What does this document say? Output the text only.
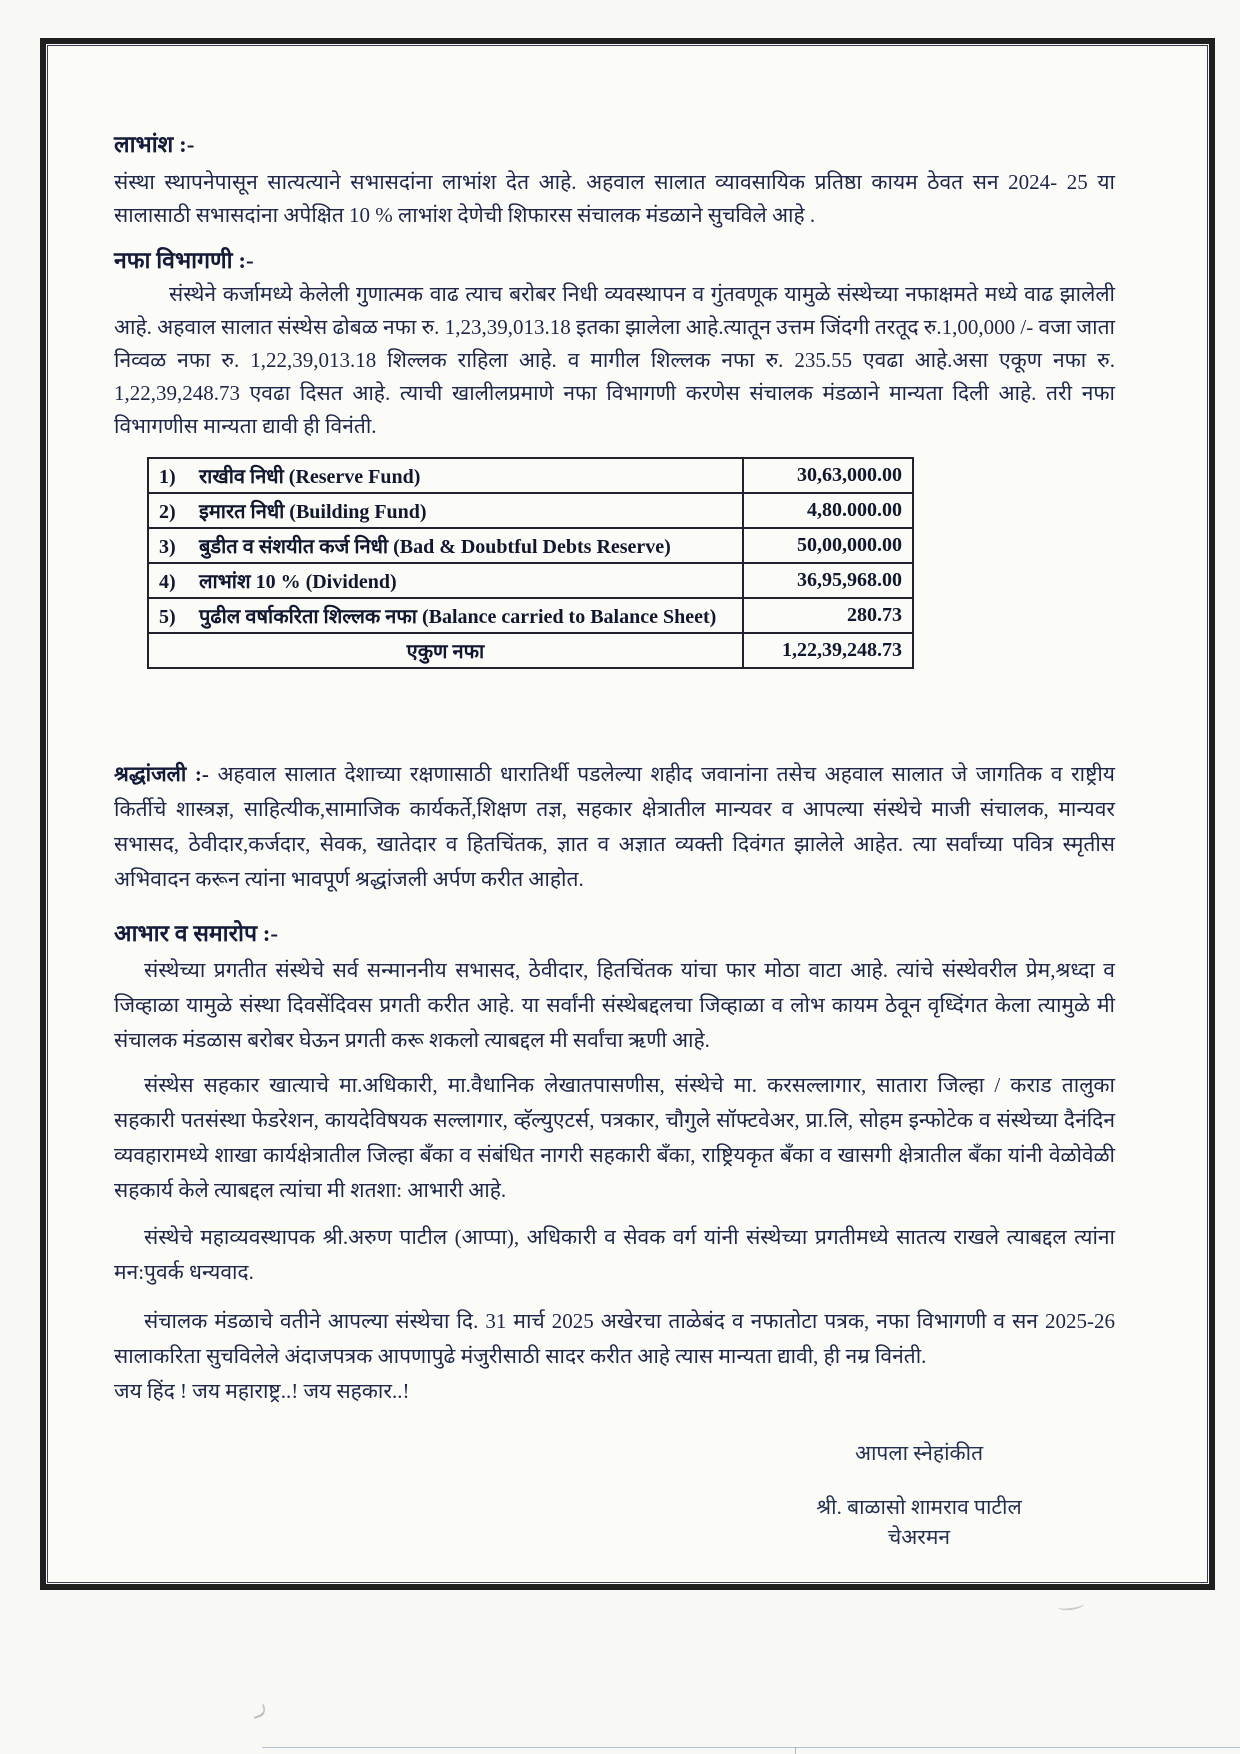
लाभांश :-

संस्था स्थापनेपासून सात्यत्याने सभासदांना लाभांश देत आहे. अहवाल सालात व्यावसायिक प्रतिष्ठा कायम ठेवत सन 2024- 25 या सालासाठी सभासदांना अपेक्षित 10 % लाभांश देणेची शिफारस संचालक मंडळाने सुचविले आहे .

नफा विभागणी :-

संस्थेने कर्जामध्ये केलेली गुणात्मक वाढ त्याच बरोबर निधी व्यवस्थापन व गुंतवणूक यामुळे संस्थेच्या नफाक्षमते मध्ये वाढ झालेली आहे. अहवाल सालात संस्थेस ढोबळ नफा रु. 1,23,39,013.18 इतका झालेला आहे.त्यातून उत्तम जिंदगी तरतूद रु.1,00,000 /- वजा जाता निव्वळ नफा रु. 1,22,39,013.18 शिल्लक राहिला आहे. व मागील शिल्लक नफा रु. 235.55 एवढा आहे.असा एकूण नफा रु. 1,22,39,248.73 एवढा दिसत आहे. त्याची खालीलप्रमाणे नफा विभागणी करणेस संचालक मंडळाने मान्यता दिली आहे. तरी नफा विभागणीस मान्यता द्यावी ही विनंती.

1) राखीव निधी (Reserve Fund)	30,63,000.00
2) इमारत निधी (Building Fund)	4,80.000.00
3) बुडीत व संशयीत कर्ज निधी (Bad & Doubtful Debts Reserve)	50,00,000.00
4) लाभांश 10 % (Dividend)	36,95,968.00
5) पुढील वर्षाकरिता शिल्लक नफा (Balance carried to Balance Sheet)	280.73
एकुण नफा	1,22,39,248.73

श्रद्धांजली :- अहवाल सालात देशाच्या रक्षणासाठी धारातिर्थी पडलेल्या शहीद जवानांना तसेच अहवाल सालात जे जागतिक व राष्ट्रीय किर्तीचे शास्त्रज्ञ, साहित्यीक,सामाजिक कार्यकर्ते,शिक्षण तज्ञ, सहकार क्षेत्रातील मान्यवर व आपल्या संस्थेचे माजी संचालक, मान्यवर सभासद, ठेवीदार,कर्जदार, सेवक, खातेदार व हितचिंतक, ज्ञात व अज्ञात व्यक्ती दिवंगत झालेले आहेत. त्या सर्वांच्या पवित्र स्मृतीस अभिवादन करून त्यांना भावपूर्ण श्रद्धांजली अर्पण करीत आहोत.

आभार व समारोप :-

संस्थेच्या प्रगतीत संस्थेचे सर्व सन्माननीय सभासद, ठेवीदार, हितचिंतक यांचा फार मोठा वाटा आहे. त्यांचे संस्थेवरील प्रेम,श्रध्दा व जिव्हाळा यामुळे संस्था दिवसेंदिवस प्रगती करीत आहे. या सर्वांनी संस्थेबद्दलचा जिव्हाळा व लोभ कायम ठेवून वृध्दिंगत केला त्यामुळे मी संचालक मंडळास बरोबर घेऊन प्रगती करू शकलो त्याबद्दल मी सर्वांचा ऋणी आहे.

संस्थेस सहकार खात्याचे मा.अधिकारी, मा.वैधानिक लेखातपासणीस, संस्थेचे मा. करसल्लागार, सातारा जिल्हा / कराड तालुका सहकारी पतसंस्था फेडरेशन, कायदेविषयक सल्लागार, व्हॅल्युएटर्स, पत्रकार, चौगुले सॉफ्टवेअर, प्रा.लि, सोहम इन्फोटेक व संस्थेच्या दैनंदिन व्यवहारामध्ये शाखा कार्यक्षेत्रातील जिल्हा बँका व संबंधित नागरी सहकारी बँका, राष्ट्रियकृत बँका व खासगी क्षेत्रातील बँका यांनी वेळोवेळी सहकार्य केले त्याबद्दल त्यांचा मी शतशा: आभारी आहे.

संस्थेचे महाव्यवस्थापक श्री.अरुण पाटील (आप्पा), अधिकारी व सेवक वर्ग यांनी संस्थेच्या प्रगतीमध्ये सातत्य राखले त्याबद्दल त्यांना मन:पुवर्क धन्यवाद.

संचालक मंडळाचे वतीने आपल्या संस्थेचा दि. 31 मार्च 2025 अखेरचा ताळेबंद व नफातोटा पत्रक, नफा विभागणी व सन 2025-26 सालाकरिता सुचविलेले अंदाजपत्रक आपणापुढे मंजुरीसाठी सादर करीत आहे त्यास मान्यता द्यावी, ही नम्र विनंती.

जय हिंद ! जय महाराष्ट्र..! जय सहकार..!

आपला स्नेहांकीत

श्री. बाळासो शामराव पाटील

चेअरमन
